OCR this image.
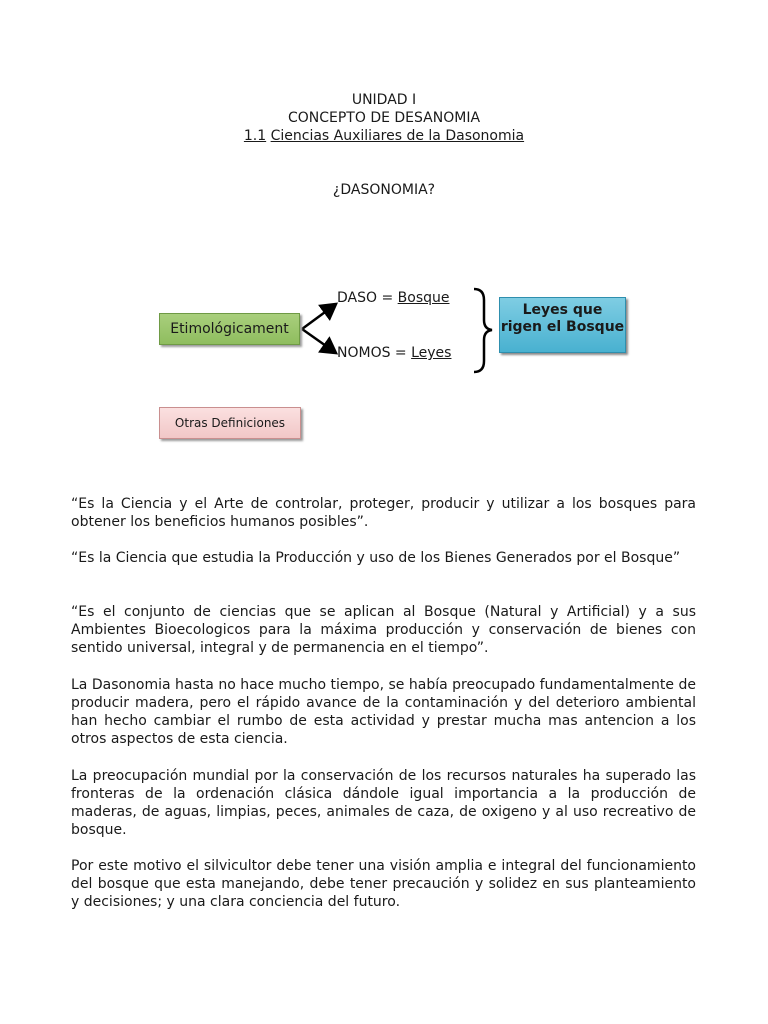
UNIDAD I
CONCEPTO DE DESANOMIA
1.1 Ciencias Auxiliares de la Dasonomia
¿DASONOMIA?
Etimológicament
DASO = Bosque
NOMOS = Leyes
Leyes que rigen el Bosque
Otras Definiciones

“Es la Ciencia y el Arte de controlar, proteger, producir y utilizar a los bosques para obtener los beneficios humanos posibles”.

“Es la Ciencia que estudia la Producción y uso de los Bienes Generados por el Bosque”

“Es el conjunto de ciencias que se aplican al Bosque (Natural y Artificial) y a sus Ambientes Bioecologicos para la máxima producción y conservación de bienes con sentido universal, integral y de permanencia en el tiempo”.

La Dasonomia hasta no hace mucho tiempo, se había preocupado fundamentalmente de producir madera, pero el rápido avance de la contaminación y del deterioro ambiental han hecho cambiar el rumbo de esta actividad y prestar mucha mas antencion a los otros aspectos de esta ciencia.

La preocupación mundial por la conservación de los recursos naturales ha superado las fronteras de la ordenación clásica dándole igual importancia a la producción de maderas, de aguas, limpias, peces, animales de caza, de oxigeno y al uso recreativo de bosque.

Por este motivo el silvicultor debe tener una visión amplia e integral del funcionamiento del bosque que esta manejando, debe tener precaución y solidez en sus planteamiento y decisiones; y una clara conciencia del futuro.
